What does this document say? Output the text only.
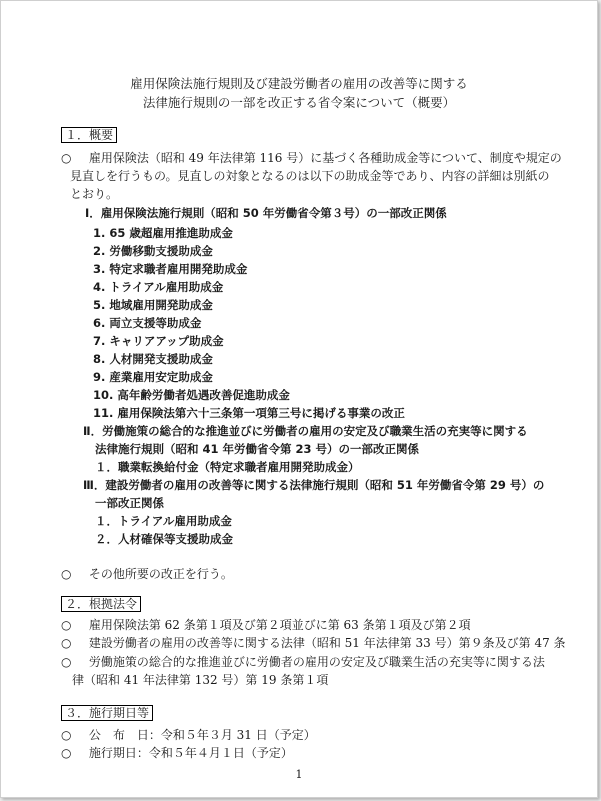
雇用保険法施行規則及び建設労働者の雇用の改善等に関する
法律施行規則の一部を改正する省令案について（概要）
１．概要
○ 雇用保険法（昭和 49 年法律第 116 号）に基づく各種助成金等について、制度や規定の
見直しを行うもの。見直しの対象となるのは以下の助成金等であり、内容の詳細は別紙の
とおり。
Ⅰ．雇用保険法施行規則（昭和 50 年労働省令第３号）の一部改正関係
1. 65 歳超雇用推進助成金
2. 労働移動支援助成金
3. 特定求職者雇用開発助成金
4. トライアル雇用助成金
5. 地域雇用開発助成金
6. 両立支援等助成金
7. キャリアアップ助成金
8. 人材開発支援助成金
9. 産業雇用安定助成金
10. 高年齢労働者処遇改善促進助成金
11. 雇用保険法第六十三条第一項第三号に掲げる事業の改正
Ⅱ．労働施策の総合的な推進並びに労働者の雇用の安定及び職業生活の充実等に関する
法律施行規則（昭和 41 年労働省令第 23 号）の一部改正関係
１．職業転換給付金（特定求職者雇用開発助成金）
Ⅲ．建設労働者の雇用の改善等に関する法律施行規則（昭和 51 年労働省令第 29 号）の
一部改正関係
１．トライアル雇用助成金
２．人材確保等支援助成金
○ その他所要の改正を行う。
２．根拠法令
○ 雇用保険法第 62 条第１項及び第２項並びに第 63 条第１項及び第２項
○ 建設労働者の雇用の改善等に関する法律（昭和 51 年法律第 33 号）第９条及び第 47 条
○ 労働施策の総合的な推進並びに労働者の雇用の安定及び職業生活の充実等に関する法
律（昭和 41 年法律第 132 号）第 19 条第１項
３．施行期日等
○ 公　布　日：令和５年３月 31 日（予定）
○ 施行期日：令和５年４月１日（予定）
1
